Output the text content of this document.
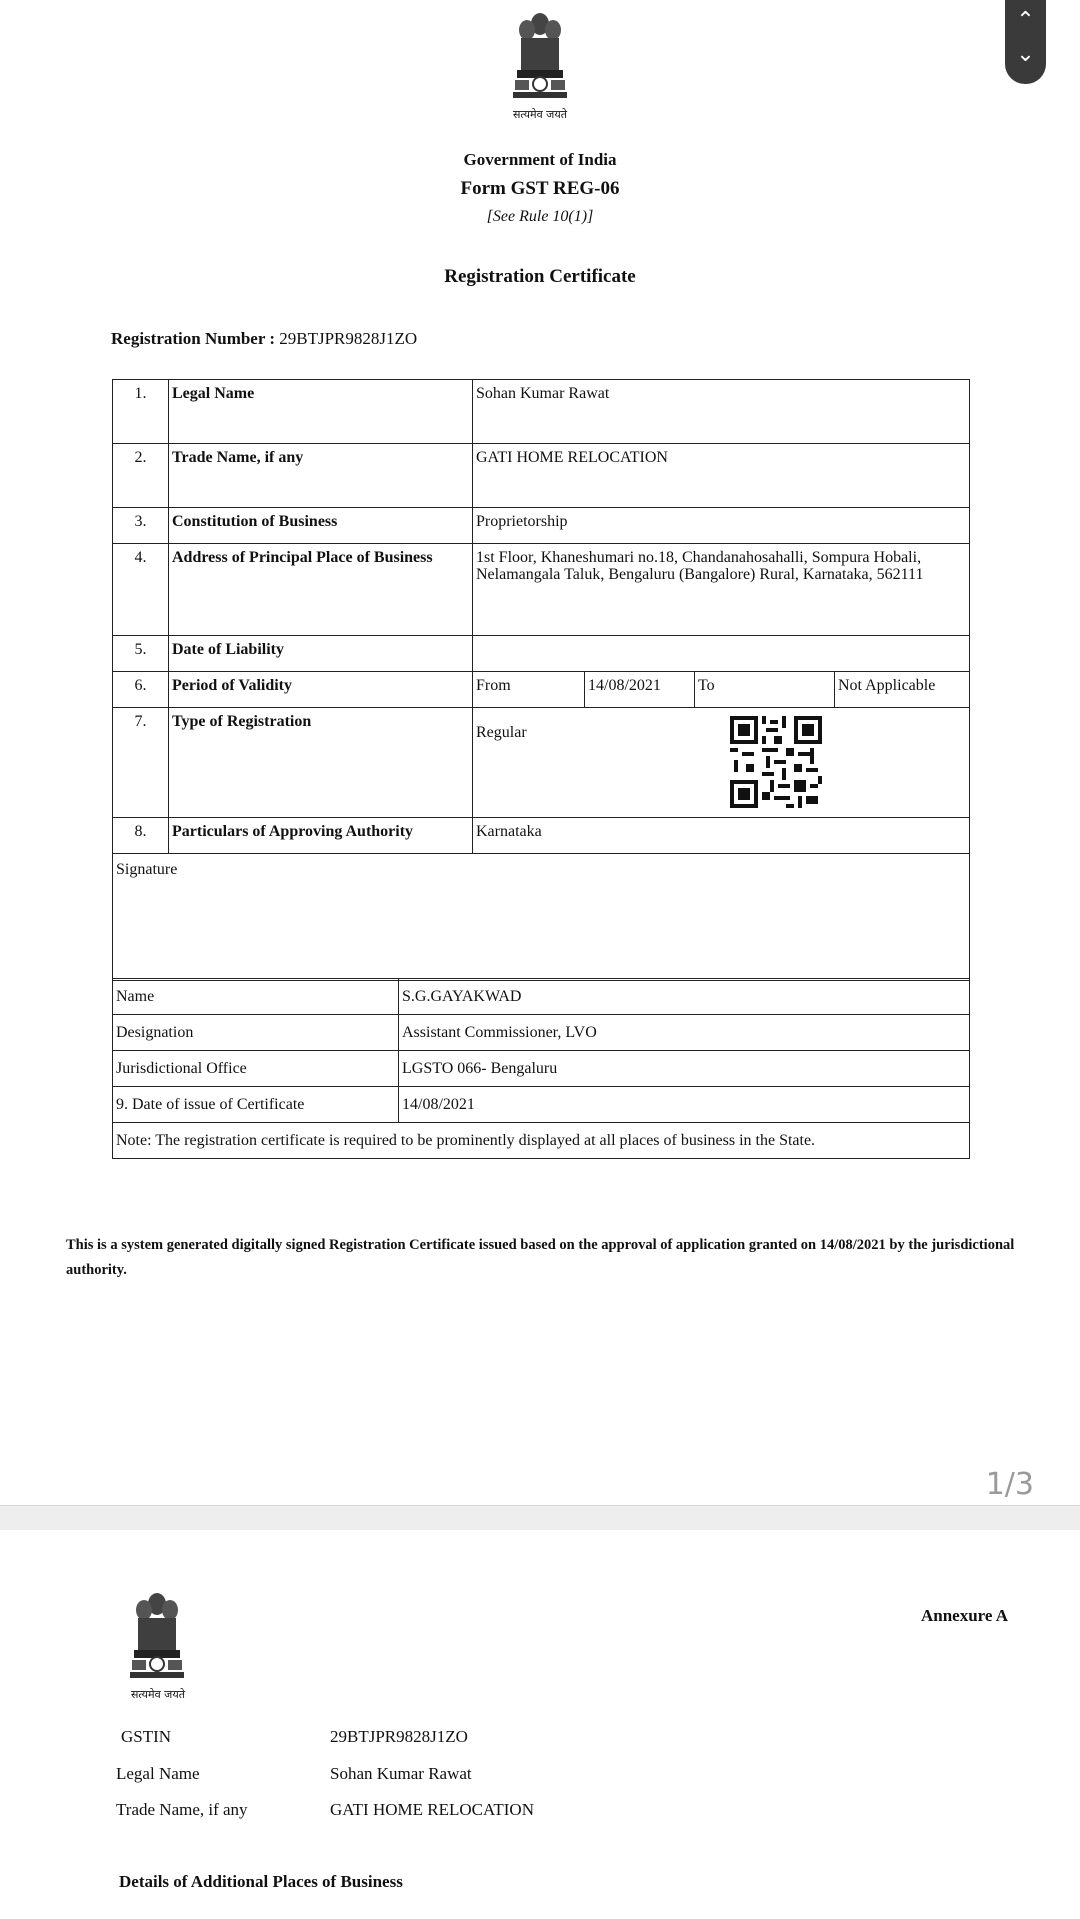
सत्यमेव जयते
Government of India
Form GST REG-06
[See Rule 10(1)]
Registration Certificate
Registration Number : 29BTJPR9828J1ZO
1.	Legal Name	Sohan Kumar Rawat			
2.	Trade Name, if any	GATI HOME RELOCATION			
3.	Constitution of Business	Proprietorship			
4.	Address of Principal Place of Business	1st Floor, Khaneshumari no.18, Chandanahosahalli, Sompura Hobali, Nelamangala Taluk, Bengaluru (Bangalore) Rural, Karnataka, 562111			
5.	Date of Liability				
6.	Period of Validity	From	14/08/2021	To	Not Applicable
7.	Type of Registration	Regular			

8.	Particulars of Approving Authority	Karnataka			
Signature					
Name	S.G.GAYAKWAD
Designation	Assistant Commissioner, LVO
Jurisdictional Office	LGSTO 066- Bengaluru
9. Date of issue of Certificate	14/08/2021
Note: The registration certificate is required to be prominently displayed at all places of business in the State.	
This is a system generated digitally signed Registration Certificate issued based on the approval of application granted on 14/08/2021 by the jurisdictional authority.
1/3
सत्यमेव जयते
Annexure A
GSTIN	29BTJPR9828J1ZO
Legal Name	Sohan Kumar Rawat
Trade Name, if any	GATI HOME RELOCATION
Details of Additional Places of Business
⌃
⌄
